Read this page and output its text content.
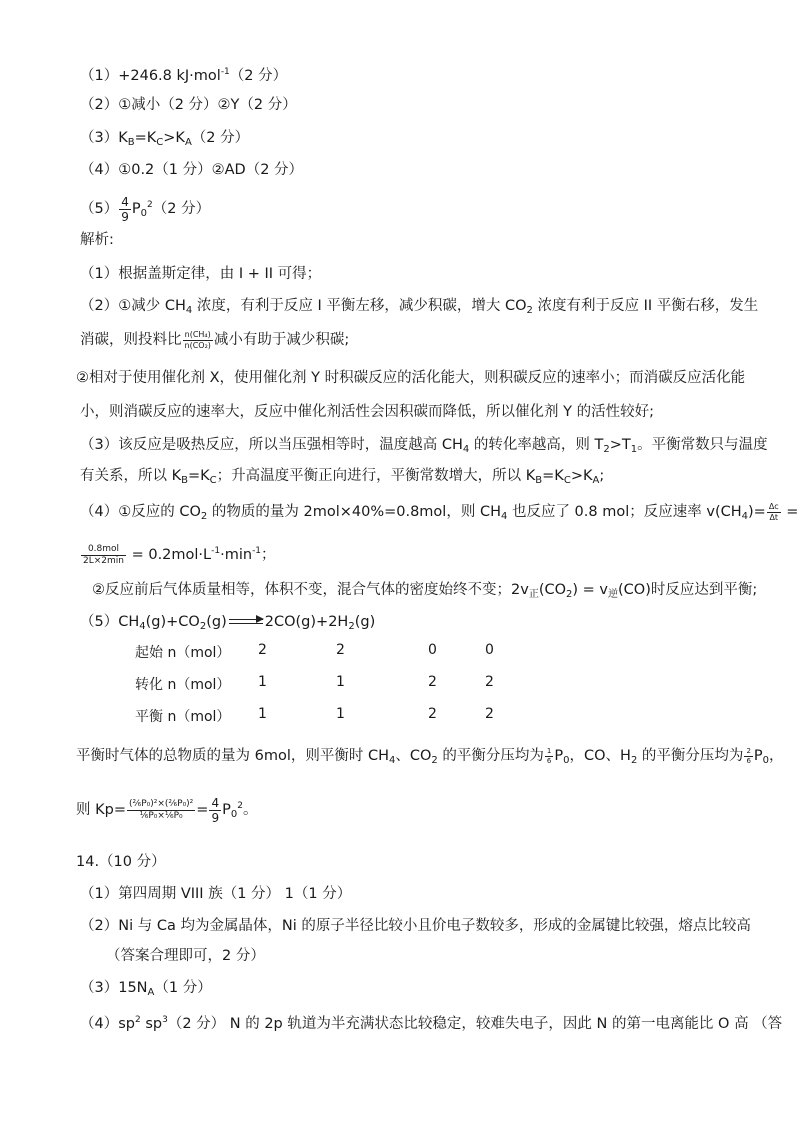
（1）+246.8 kJ·mol$^{-1}$（2 分）
（2）①减小（2 分）②Y（2 分）
$(3)K_B=K_C>K_A(2$ 分）
（4）①0.2（1 分）②AD（2 分）
$(5) \frac{4}{9} P_0^2(2$ 分）
解析:
（1）根据盖斯定律，由 I + II 可得；
（2）①减少 $CH_4$ 浓度，有利于反应 I 平衡左移，减少积碳，增大 $CO_2$ 浓度有利于反应 II 平衡右移，发生
消碳，则投料比 $\frac{\text{n(CH₄)}}{\text{n(CO₂)}}$ 减小有助于减少积碳;
②相对于使用催化剂 X，使用催化剂 Y 时积碳反应的活化能大，则积碳反应的速率小；而消碳反应活化能
小，则消碳反应的速率大，反应中催化剂活性会因积碳而降低，所以催化剂 Y 的活性较好;
（3）该反应是吸热反应，所以当压强相等时，温度越高 $CH_4$ 的转化率越高，则 $T_2>T_1$。平衡常数只与温度
有关系，所以 $K_B=K_C$；升高温度平衡正向进行，平衡常数增大，所以 $K_B=K_C>K_A$;
（4）①反应的 $CO_2$ 的物质的量为 2mol×40%=0.8mol，则 $CH_4$ 也反应了 0.8 mol；反应速率 $v(CH_4)= \frac{\Delta c}{\Delta t}$ =
$\frac{\text{0.8mol}}{2L\times 2\min} = 0.2mol\cdot L^{-1}\cdot\min^{-1}$；
②反应前后气体质量相等，体积不变，混合气体的密度始终不变；$2v_正(CO_2) = v_逆(CO)$时反应达到平衡;
$(5)CH_4(g)+CO_2(g)$	$2CO(g)+2H_2(g)$
起始 n（mol） 2	2	0	0
转化 n（mol） 1	1	2	2
平衡 n（mol） 1	1	2	2
平衡时气体的总物质的量为 6mol，则平衡时 $CH_4$、$CO_2$ 的平衡分压均为 $\frac{1}{6} P_0$，CO、$H_2$ 的平衡分压均为 $\frac{2}{6} P_0$，
则 $Kp= \frac{\text{(²⁄₆P₀)²×(²⁄₆P₀)²}}{\text{¹⁄₆P₀×¹⁄₆P₀}} = \frac{4}{9} P_0^2$。
14.（10 分）
（1）第四周期 VIII 族（1 分） 1（1 分）
（2）Ni 与 Ca 均为金属晶体，Ni 的原子半径比较小且价电子数较多，形成的金属键比较强，熔点比较高
（答案合理即可，2 分）
$(3)15N_A(1$ 分）
$(4)sp^2$ $sp^3(2$ 分） N 的 2p 轨道为半充满状态比较稳定，较难失电子，因此 N 的第一电离能比 O 高 （答
